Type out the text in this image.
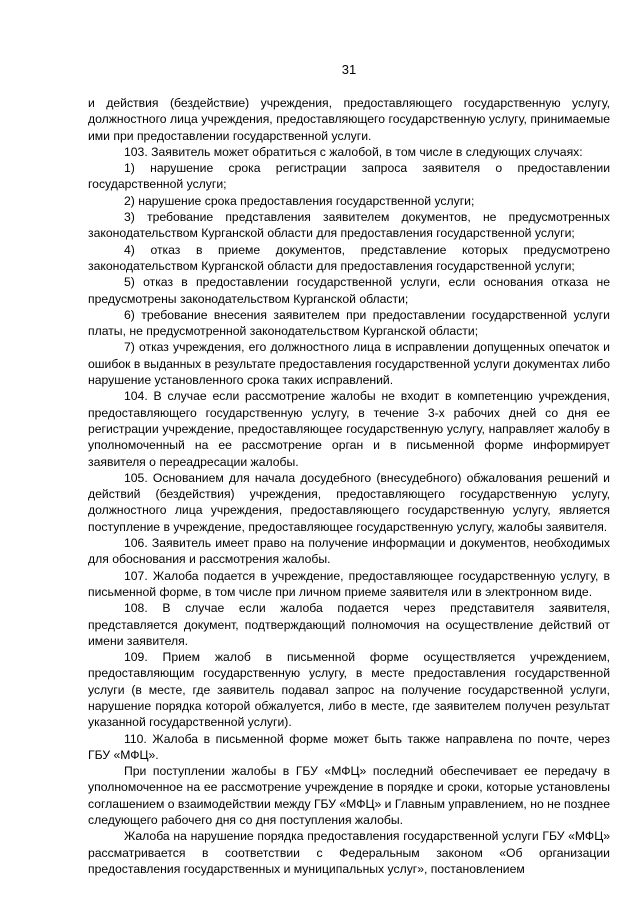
31

и действия (бездействие) учреждения, предоставляющего государственную услугу, должностного лица учреждения, предоставляющего государственную услугу, принимаемые ими при предоставлении государственной услуги.

103. Заявитель может обратиться с жалобой, в том числе в следующих случаях:

1) нарушение срока регистрации запроса заявителя о предоставлении государственной услуги;

2) нарушение срока предоставления государственной услуги;

3) требование представления заявителем документов, не предусмотренных законодательством Курганской области для предоставления государственной услуги;

4) отказ в приеме документов, представление которых предусмотрено законодательством Курганской области для предоставления государственной услуги;

5) отказ в предоставлении государственной услуги, если основания отказа не предусмотрены законодательством Курганской области;

6) требование внесения заявителем при предоставлении государственной услуги платы, не предусмотренной законодательством Курганской области;

7) отказ учреждения, его должностного лица в исправлении допущенных опечаток и ошибок в выданных в результате предоставления государственной услуги документах либо нарушение установленного срока таких исправлений.

104. В случае если рассмотрение жалобы не входит в компетенцию учреждения, предоставляющего государственную услугу, в течение 3-х рабочих дней со дня ее регистрации учреждение, предоставляющее государственную услугу, направляет жалобу в уполномоченный на ее рассмотрение орган и в письменной форме информирует заявителя о переадресации жалобы.

105. Основанием для начала досудебного (внесудебного) обжалования решений и действий (бездействия) учреждения, предоставляющего государственную услугу, должностного лица учреждения, предоставляющего государственную услугу, является поступление в учреждение, предоставляющее государственную услугу, жалобы заявителя.

106. Заявитель имеет право на получение информации и документов, необходимых для обоснования и рассмотрения жалобы.

107. Жалоба подается в учреждение, предоставляющее государственную услугу, в письменной форме, в том числе при личном приеме заявителя или в электронном виде.

108. В случае если жалоба подается через представителя заявителя, представляется документ, подтверждающий полномочия на осуществление действий от имени заявителя.

109. Прием жалоб в письменной форме осуществляется учреждением, предоставляющим государственную услугу, в месте предоставления государственной услуги (в месте, где заявитель подавал запрос на получение государственной услуги, нарушение порядка которой обжалуется, либо в месте, где заявителем получен результат указанной государственной услуги).

110. Жалоба в письменной форме может быть также направлена по почте, через ГБУ «МФЦ».

При поступлении жалобы в ГБУ «МФЦ» последний обеспечивает ее передачу в уполномоченное на ее рассмотрение учреждение в порядке и сроки, которые установлены соглашением о взаимодействии между ГБУ «МФЦ» и Главным управлением, но не позднее следующего рабочего дня со дня поступления жалобы.

Жалоба на нарушение порядка предоставления государственной услуги ГБУ «МФЦ» рассматривается в соответствии с Федеральным законом «Об организации предоставления государственных и муниципальных услуг», постановлением
